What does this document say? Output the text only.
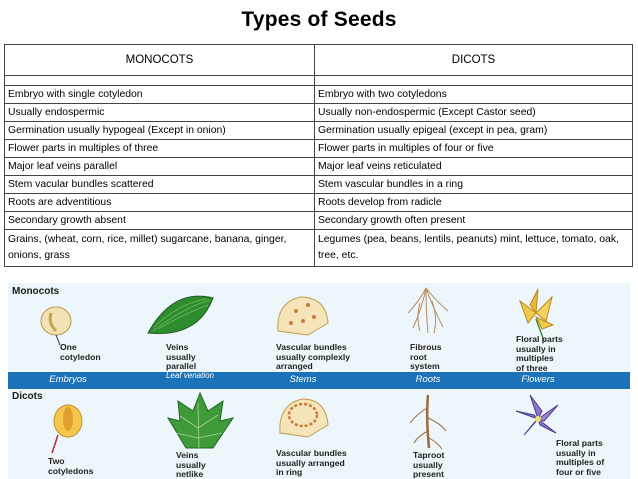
Types of Seeds
MONOCOTS	DICOTS

Embryo with single cotyledon	Embryo with two cotyledons
Usually endospermic	Usually non-endospermic (Except Castor seed)
Germination usually hypogeal (Except in onion)	Germination usually epigeal (except in pea, gram)
Flower parts in multiples of three	Flower parts in multiples of four or five
Major leaf veins parallel	Major leaf veins reticulated
Stem vacular bundles scattered	Stem vascular bundles in a ring
Roots are adventitious	Roots develop from radicle
Secondary growth absent	Secondary growth often present
Grains, (wheat, corn, rice, millet) sugarcane, banana, ginger, onions, grass	Legumes (pea, beans, lentils, peanuts) mint, lettuce, tomato, oak, tree, etc.
Monocots
One
cotyledon
Veins
usually
parallel
Vascular bundles
usually complexly
arranged
Fibrous
root
system
Floral parts
usually in
multiples
of three
Embryos	Leaf venation	Stems	Roots	Flowers
Dicots
Two
cotyledons
Veins
usually
netlike
Vascular bundles
usually arranged
in ring
Taproot
usually
present
Floral parts
usually in
multiples of
four or five
